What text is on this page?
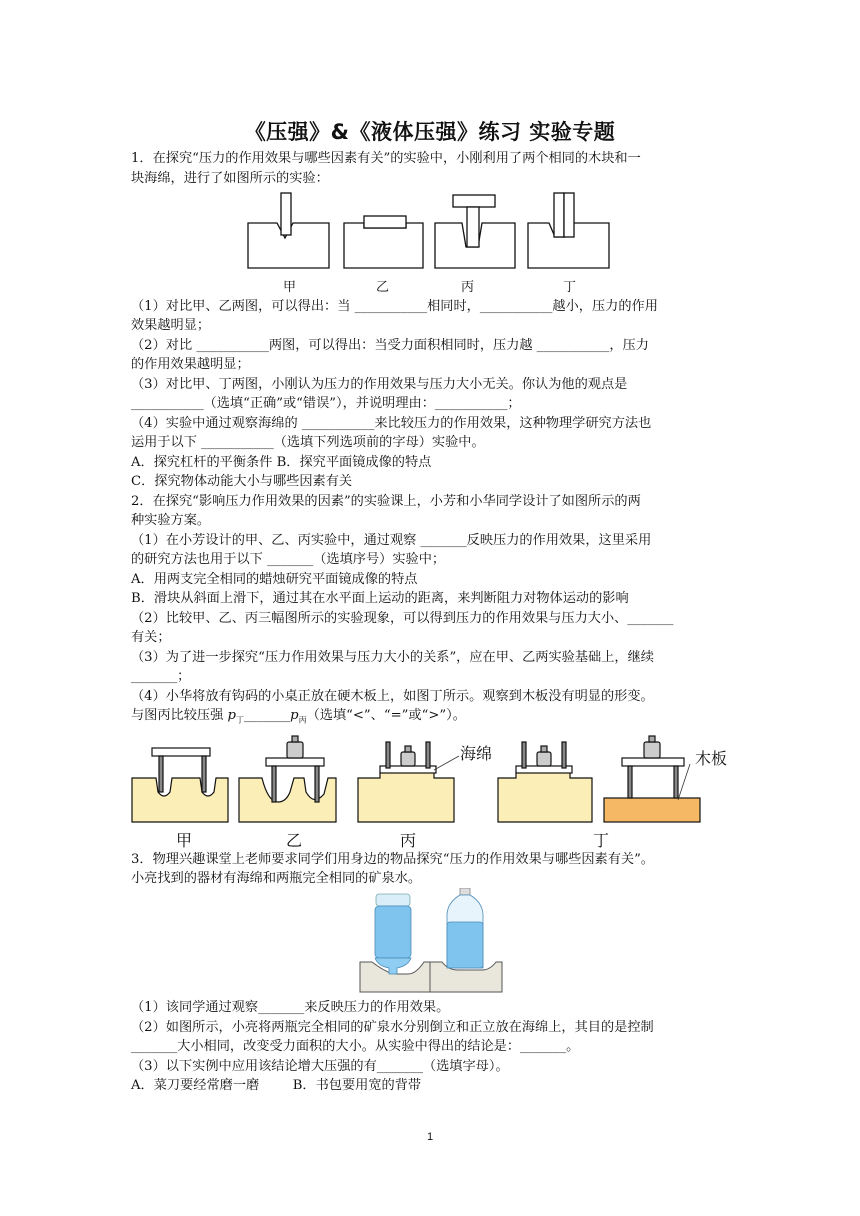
《压强》&《液体压强》练习 实验专题
1．在探究“压力的作用效果与哪些因素有关”的实验中，小刚利用了两个相同的木块和一
块海绵，进行了如图所示的实验：
甲	乙	丙	丁
（1）对比甲、乙两图，可以得出：当 ___________相同时，___________越小，压力的作用
效果越明显；
（2）对比 ___________两图，可以得出：当受力面积相同时，压力越 ___________，压力
的作用效果越明显；
（3）对比甲、丁两图，小刚认为压力的作用效果与压力大小无关。你认为他的观点是
___________（选填“正确”或“错误”），并说明理由：___________；
（4）实验中通过观察海绵的 ___________来比较压力的作用效果，这种物理学研究方法也
运用于以下 ___________（选填下列选项前的字母）实验中。
A．探究杠杆的平衡条件 B．探究平面镜成像的特点
C．探究物体动能大小与哪些因素有关
2．在探究“影响压力作用效果的因素”的实验课上，小芳和小华同学设计了如图所示的两
种实验方案。
（1）在小芳设计的甲、乙、丙实验中，通过观察 _______反映压力的作用效果，这里采用
的研究方法也用于以下 _______（选填序号）实验中；
A．用两支完全相同的蜡烛研究平面镜成像的特点
B．滑块从斜面上滑下，通过其在水平面上运动的距离，来判断阻力对物体运动的影响
（2）比较甲、乙、丙三幅图所示的实验现象，可以得到压力的作用效果与压力大小、_______
有关；
（3）为了进一步探究“压力作用效果与压力大小的关系”，应在甲、乙两实验基础上，继续
_______；
（4）小华将放有钩码的小桌正放在硬木板上，如图丁所示。观察到木板没有明显的形变。
与图丙比较压强 $p_丁\_\_\_\_\_\_\_p_丙$（选填“<”、“=”或“>”）。
海绵	木板
甲	乙	丙	丁
3．物理兴趣课堂上老师要求同学们用身边的物品探究“压力的作用效果与哪些因素有关”。
小亮找到的器材有海绵和两瓶完全相同的矿泉水。
（1）该同学通过观察_______来反映压力的作用效果。
（2）如图所示，小亮将两瓶完全相同的矿泉水分别倒立和正立放在海绵上，其目的是控制
_______大小相同，改变受力面积的大小。从实验中得出的结论是：_______。
（3）以下实例中应用该结论增大压强的有_______（选填字母）。
A．菜刀要经常磨一磨        B．书包要用宽的背带
1
